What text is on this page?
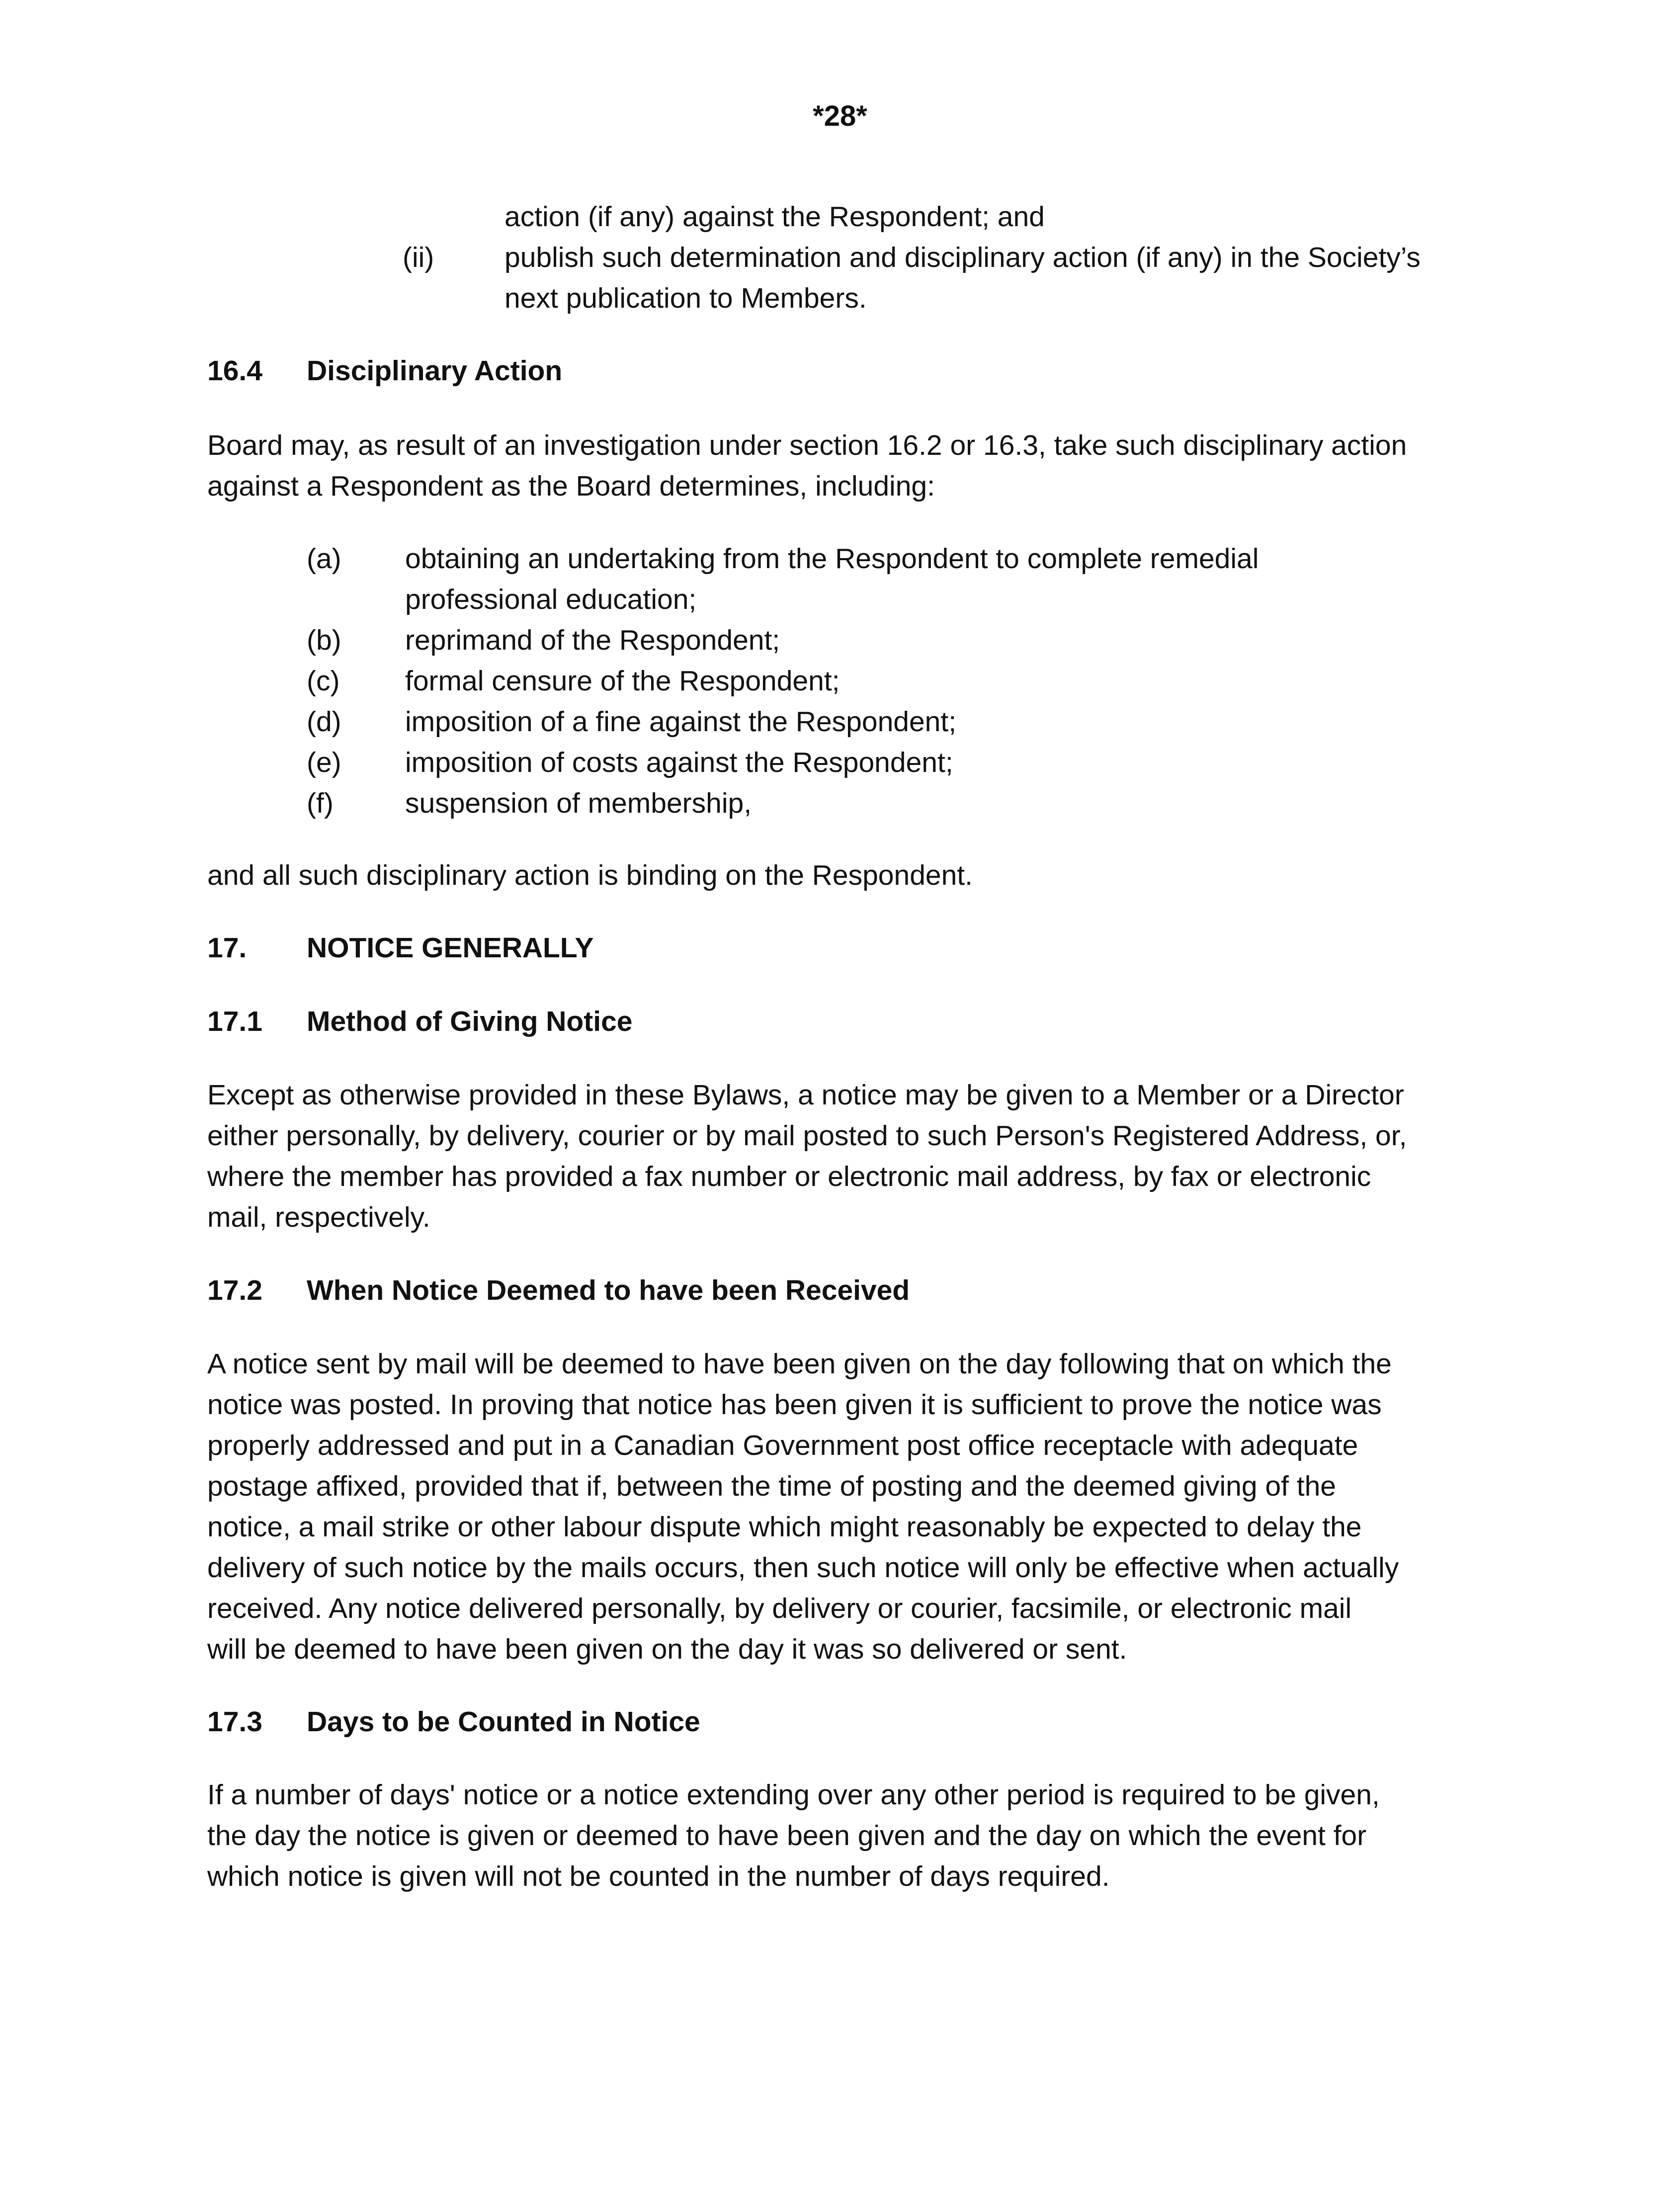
*28*
action (if any) against the Respondent; and
(ii) publish such determination and disciplinary action (if any) in the Society’s
next publication to Members.
16.4 Disciplinary Action
Board may, as result of an investigation under section 16.2 or 16.3, take such disciplinary action
against a Respondent as the Board determines, including:
(a) obtaining an undertaking from the Respondent to complete remedial
professional education;
(b) reprimand of the Respondent;
(c) formal censure of the Respondent;
(d) imposition of a fine against the Respondent;
(e) imposition of costs against the Respondent;
(f)	suspension of membership,
and all such disciplinary action is binding on the Respondent.
17. NOTICE GENERALLY
17.1 Method of Giving Notice
Except as otherwise provided in these Bylaws, a notice may be given to a Member or a Director
either personally, by delivery, courier or by mail posted to such Person's Registered Address, or,
where the member has provided a fax number or electronic mail address, by fax or electronic
mail, respectively.
17.2 When Notice Deemed to have been Received
A notice sent by mail will be deemed to have been given on the day following that on which the
notice was posted. In proving that notice has been given it is sufficient to prove the notice was
properly addressed and put in a Canadian Government post office receptacle with adequate
postage affixed, provided that if, between the time of posting and the deemed giving of the
notice, a mail strike or other labour dispute which might reasonably be expected to delay the
delivery of such notice by the mails occurs, then such notice will only be effective when actually
received. Any notice delivered personally, by delivery or courier, facsimile, or electronic mail
will be deemed to have been given on the day it was so delivered or sent.
17.3 Days to be Counted in Notice
If a number of days' notice or a notice extending over any other period is required to be given,
the day the notice is given or deemed to have been given and the day on which the event for
which notice is given will not be counted in the number of days required.
